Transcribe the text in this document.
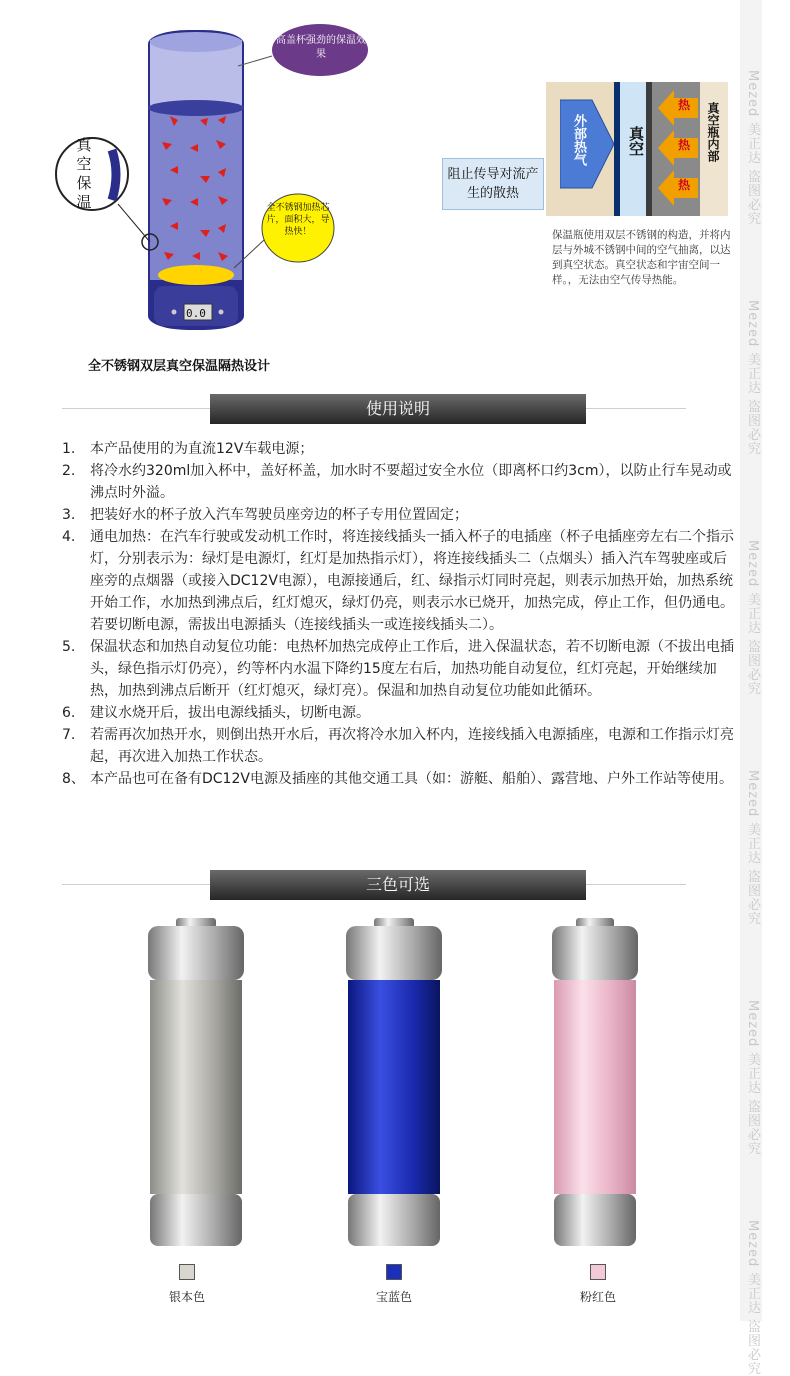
Mezed 美正达 盗图必究
Mezed 美正达 盗图必究
Mezed 美正达 盗图必究
Mezed 美正达 盗图必究
Mezed 美正达 盗图必究
Mezed 美正达 盗图必究
0.0
高盖杯强劲的保温效果
真空保温	全不锈钢加热芯片，面积大，导热快！
外部热气	真空
热
热
热
真空瓶内部
阻止传导对流产生的散热
保温瓶使用双层不锈钢的构造，并将内层与外城不锈钢中间的空气抽离，以达到真空状态。真空状态和宇宙空间一样。，无法由空气传导热能。
全不锈钢双层真空保温隔热设计
使用说明
1. 本产品使用的为直流12V车载电源；
2. 将冷水约320ml加入杯中，盖好杯盖，加水时不要超过安全水位（即离杯口约3cm），以防止行车晃动或沸点时外溢。
3. 把装好水的杯子放入汽车驾驶员座旁边的杯子专用位置固定；
4. 通电加热：在汽车行驶或发动机工作时，将连接线插头一插入杯子的电插座（杯子电插座旁左右二个指示灯，分别表示为：绿灯是电源灯，红灯是加热指示灯），将连接线插头二（点烟头）插入汽车驾驶座或后座旁的点烟器（或接入DC12V电源），电源接通后，红、绿指示灯同时亮起，则表示加热开始，加热系统开始工作，水加热到沸点后，红灯熄灭，绿灯仍亮，则表示水已烧开，加热完成，停止工作，但仍通电。若要切断电源，需拔出电源插头（连接线插头一或连接线插头二）。
5. 保温状态和加热自动复位功能：电热杯加热完成停止工作后，进入保温状态，若不切断电源（不拔出电插头，绿色指示灯仍亮），约等杯内水温下降约15度左右后，加热功能自动复位，红灯亮起，开始继续加热，加热到沸点后断开（红灯熄灭，绿灯亮）。保温和加热自动复位功能如此循环。
6. 建议水烧开后，拔出电源线插头，切断电源。
7. 若需再次加热开水，则倒出热开水后，再次将冷水加入杯内，连接线插入电源插座，电源和工作指示灯亮起，再次进入加热工作状态。
8、 本产品也可在备有DC12V电源及插座的其他交通工具（如：游艇、船舶）、露营地、户外工作站等使用。
三色可选
银本色	宝蓝色	粉红色
